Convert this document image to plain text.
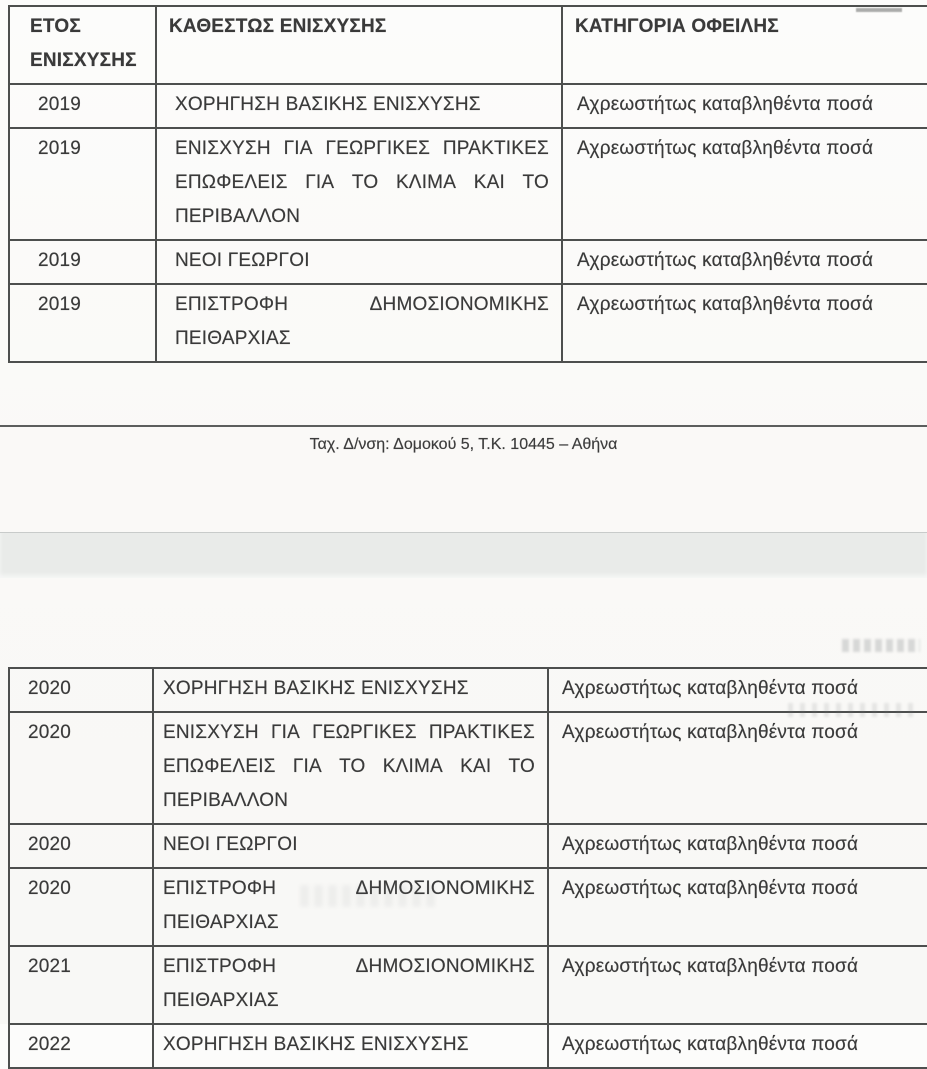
ΕΤΟΣ
ΕΝΙΣΧΥΣΗΣ	ΚΑΘΕΣΤΩΣ ΕΝΙΣΧΥΣΗΣ	ΚΑΤΗΓΟΡΙΑ ΟΦΕΙΛΗΣ
2019	ΧΟΡΗΓΗΣΗ ΒΑΣΙΚΗΣ ΕΝΙΣΧΥΣΗΣ	Αχρεωστήτως καταβληθέντα ποσά
2019	ΕΝΙΣΧΥΣΗ ΓΙΑ ΓΕΩΡΓΙΚΕΣ ΠΡΑΚΤΙΚΕΣ
ΕΠΩΦΕΛΕΙΣ ΓΙΑ ΤΟ ΚΛΙΜΑ ΚΑΙ ΤΟ
ΠΕΡΙΒΑΛΛΟΝ
	Αχρεωστήτως καταβληθέντα ποσά
2019	ΝΕΟΙ ΓΕΩΡΓΟΙ	Αχρεωστήτως καταβληθέντα ποσά
2019	ΕΠΙΣΤΡΟΦΗ ΔΗΜΟΣΙΟΝΟΜΙΚΗΣ
ΠΕΙΘΑΡΧΙΑΣ	Αχρεωστήτως καταβληθέντα ποσά
Ταχ. Δ/νση: Δομοκού 5, Τ.Κ. 10445 – Αθήνα
2020	ΧΟΡΗΓΗΣΗ ΒΑΣΙΚΗΣ ΕΝΙΣΧΥΣΗΣ	Αχρεωστήτως καταβληθέντα ποσά
2020	ΕΝΙΣΧΥΣΗ ΓΙΑ ΓΕΩΡΓΙΚΕΣ ΠΡΑΚΤΙΚΕΣ
ΕΠΩΦΕΛΕΙΣ ΓΙΑ ΤΟ ΚΛΙΜΑ ΚΑΙ ΤΟ
ΠΕΡΙΒΑΛΛΟΝ
	Αχρεωστήτως καταβληθέντα ποσά
2020	ΝΕΟΙ ΓΕΩΡΓΟΙ	Αχρεωστήτως καταβληθέντα ποσά
2020	ΕΠΙΣΤΡΟΦΗ ΔΗΜΟΣΙΟΝΟΜΙΚΗΣ
ΠΕΙΘΑΡΧΙΑΣ	Αχρεωστήτως καταβληθέντα ποσά
2021	ΕΠΙΣΤΡΟΦΗ ΔΗΜΟΣΙΟΝΟΜΙΚΗΣ
ΠΕΙΘΑΡΧΙΑΣ	Αχρεωστήτως καταβληθέντα ποσά
2022	ΧΟΡΗΓΗΣΗ ΒΑΣΙΚΗΣ ΕΝΙΣΧΥΣΗΣ	Αχρεωστήτως καταβληθέντα ποσά
